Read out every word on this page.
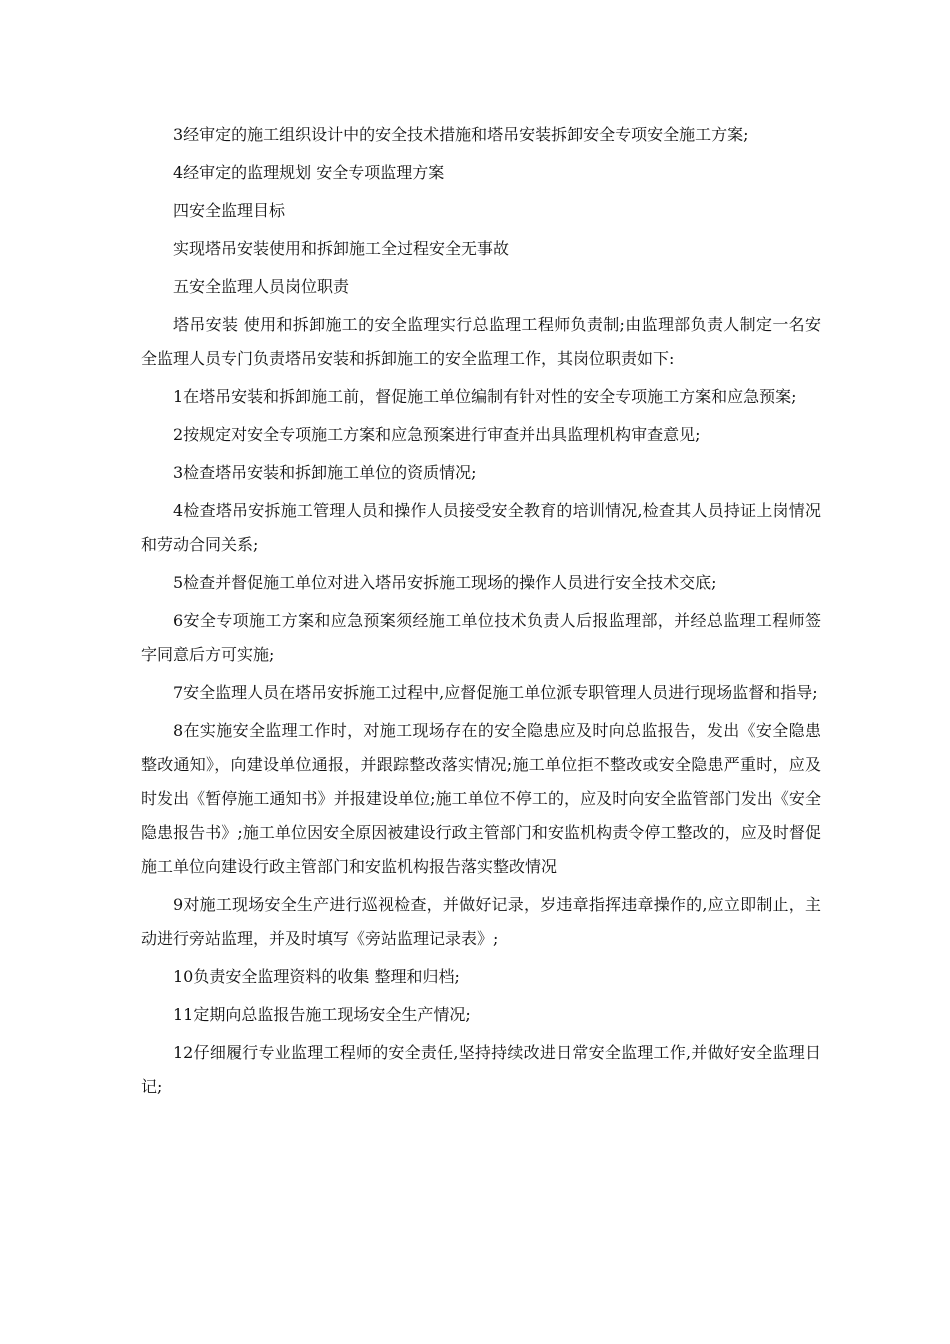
3经审定的施工组织设计中的安全技术措施和塔吊安装拆卸安全专项安全施工方案;

4经审定的监理规划 安全专项监理方案

四安全监理目标

实现塔吊安装使用和拆卸施工全过程安全无事故

五安全监理人员岗位职责

塔吊安装 使用和拆卸施工的安全监理实行总监理工程师负责制;由监理部负责人制定一名安全监理人员专门负责塔吊安装和拆卸施工的安全监理工作，其岗位职责如下:

1在塔吊安装和拆卸施工前，督促施工单位编制有针对性的安全专项施工方案和应急预案;

2按规定对安全专项施工方案和应急预案进行审查并出具监理机构审查意见;

3检查塔吊安装和拆卸施工单位的资质情况;

4检查塔吊安拆施工管理人员和操作人员接受安全教育的培训情况,检查其人员持证上岗情况和劳动合同关系;

5检查并督促施工单位对进入塔吊安拆施工现场的操作人员进行安全技术交底;

6安全专项施工方案和应急预案须经施工单位技术负责人后报监理部，并经总监理工程师签字同意后方可实施;

7安全监理人员在塔吊安拆施工过程中,应督促施工单位派专职管理人员进行现场监督和指导;

8在实施安全监理工作时，对施工现场存在的安全隐患应及时向总监报告，发出《安全隐患整改通知》，向建设单位通报，并跟踪整改落实情况;施工单位拒不整改或安全隐患严重时，应及时发出《暂停施工通知书》并报建设单位;施工单位不停工的，应及时向安全监管部门发出《安全隐患报告书》;施工单位因安全原因被建设行政主管部门和安监机构责令停工整改的，应及时督促施工单位向建设行政主管部门和安监机构报告落实整改情况

9对施工现场安全生产进行巡视检查，并做好记录，岁违章指挥违章操作的,应立即制止，主动进行旁站监理，并及时填写《旁站监理记录表》;

10负责安全监理资料的收集 整理和归档;

11定期向总监报告施工现场安全生产情况;

12仔细履行专业监理工程师的安全责任,坚持持续改进日常安全监理工作,并做好安全监理日记;
